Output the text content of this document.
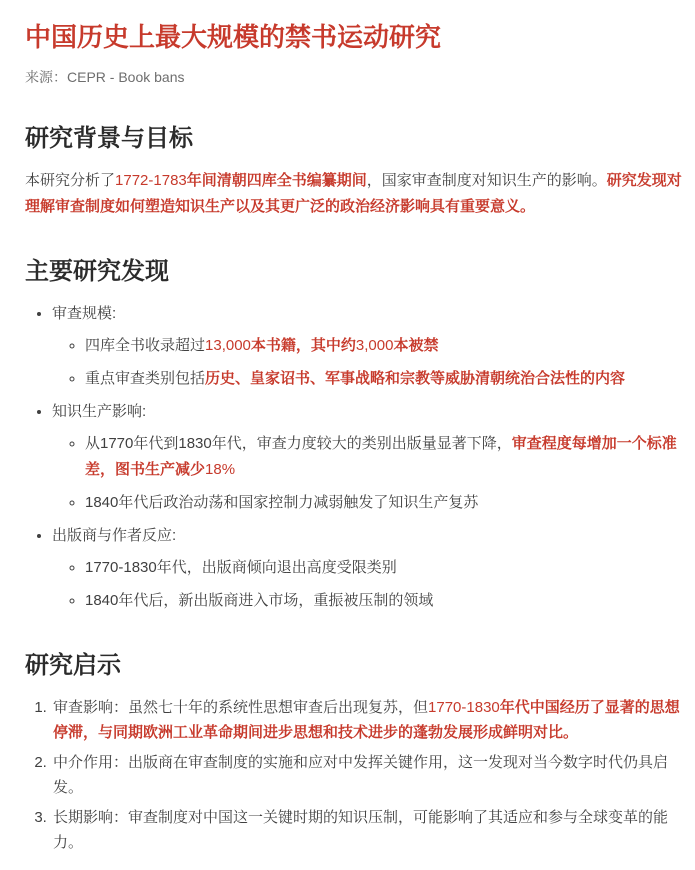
中国历史上最大规模的禁书运动研究

来源：CEPR - Book bans

研究背景与目标

本研究分析了1772-1783年间清朝四库全书编纂期间，国家审查制度对知识生产的影响。研究发现对理解审查制度如何塑造知识生产以及其更广泛的政治经济影响具有重要意义。

主要研究发现
• 审查规模:
◦ 四库全书收录超过13,000本书籍，其中约3,000本被禁
◦ 重点审查类别包括历史、皇家诏书、军事战略和宗教等威胁清朝统治合法性的内容
• 知识生产影响:
◦ 从1770年代到1830年代，审查力度较大的类别出版量显著下降，审查程度每增加一个标准差，图书生产减少18%
◦ 1840年代后政治动荡和国家控制力减弱触发了知识生产复苏
• 出版商与作者反应:
◦ 1770-1830年代，出版商倾向退出高度受限类别
◦ 1840年代后，新出版商进入市场，重振被压制的领域
研究启示
1. 审查影响：虽然七十年的系统性思想审查后出现复苏，但1770-1830年代中国经历了显著的思想停滞，与同期欧洲工业革命期间进步思想和技术进步的蓬勃发展形成鲜明对比。
2. 中介作用：出版商在审查制度的实施和应对中发挥关键作用，这一发现对当今数字时代仍具启发。
3. 长期影响：审查制度对中国这一关键时期的知识压制，可能影响了其适应和参与全球变革的能力。
